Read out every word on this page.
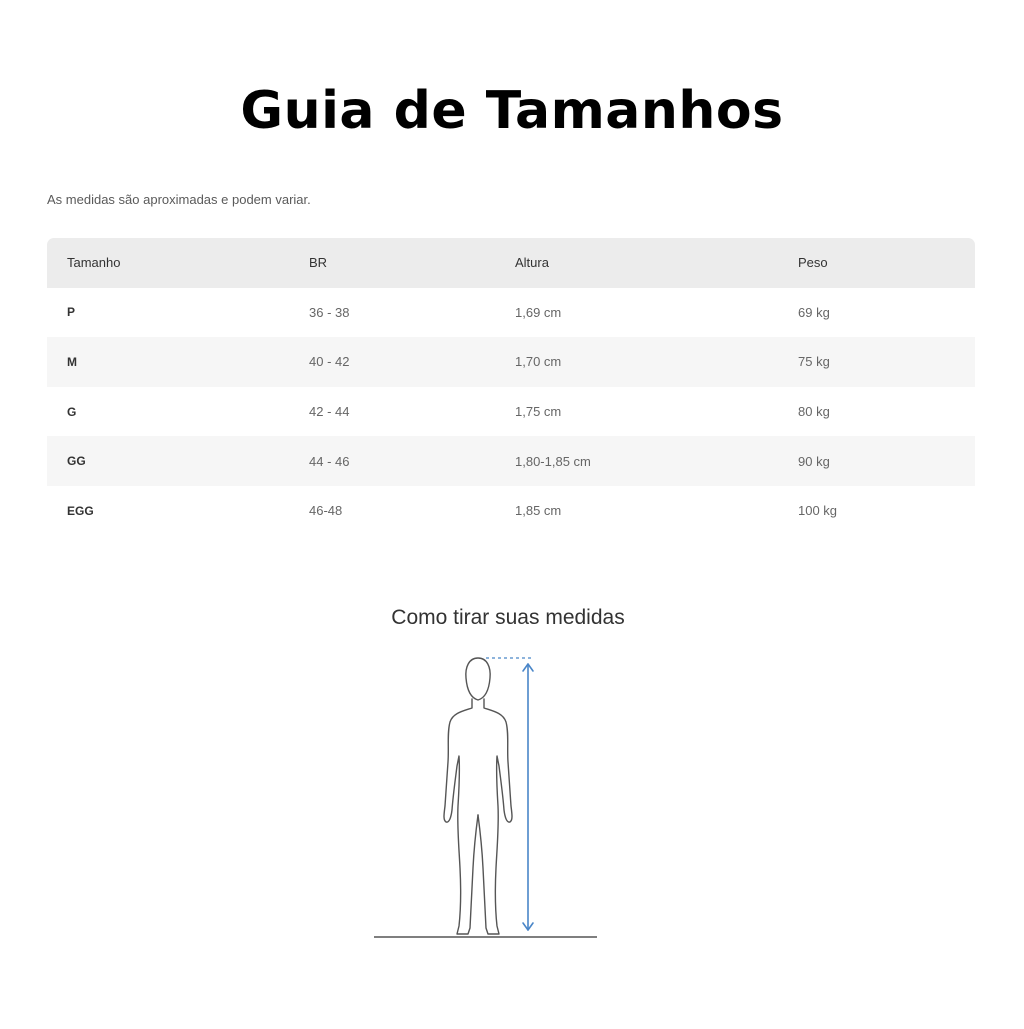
Guia de Tamanhos
As medidas são aproximadas e podem variar.
Tamanho	BR	Altura	Peso
P	36 - 38	1,69 cm	69 kg
M	40 - 42	1,70 cm	75 kg
G	42 - 44	1,75 cm	80 kg
GG	44 - 46	1,80-1,85 cm	90 kg
EGG	46-48	1,85 cm	100 kg
Como tirar suas medidas
